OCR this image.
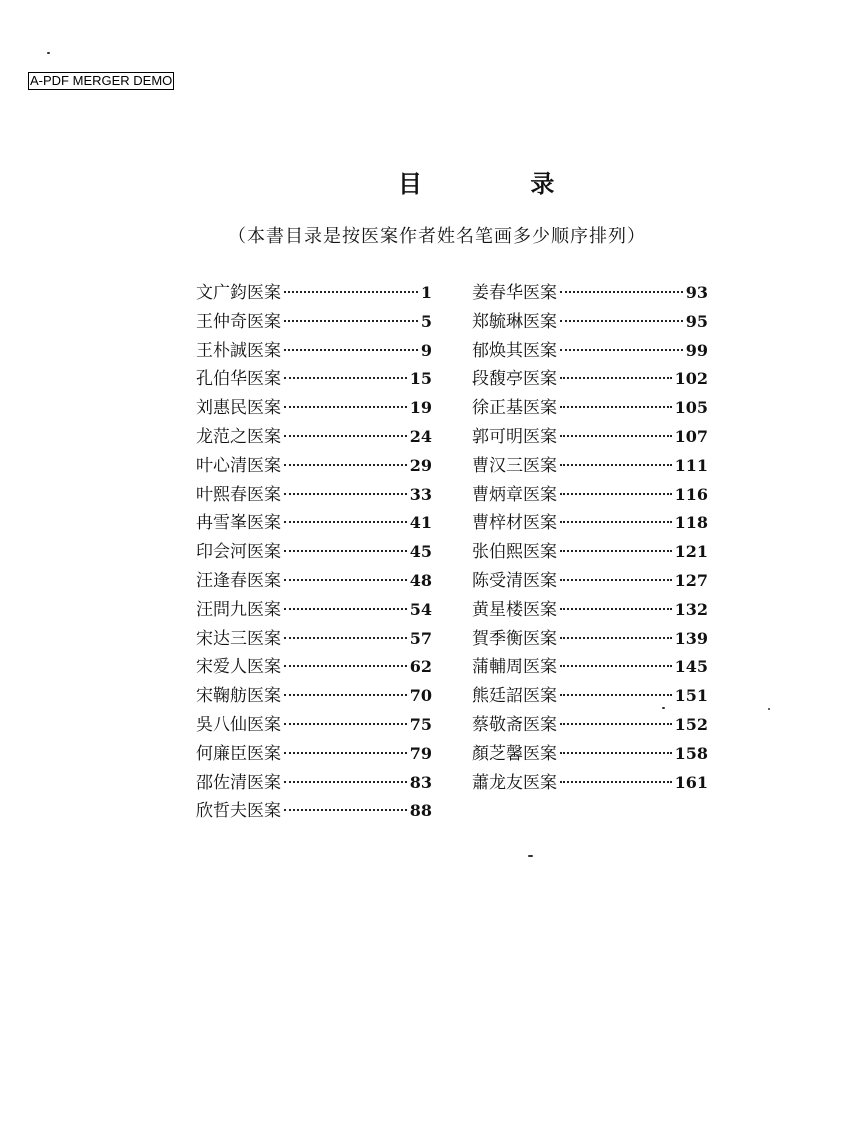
A-PDF MERGER DEMO
目 录
（本書目录是按医案作者姓名笔画多少顺序排列）
文广鈞医案	1
王仲奇医案	5
王朴誠医案	9
孔伯华医案	15
刘惠民医案	19
龙范之医案	24
叶心清医案	29
叶熙春医案	33
冉雪峯医案	41
印会河医案	45
汪逢春医案	48
汪問九医案	54
宋达三医案	57
宋爱人医案	62
宋鞠舫医案	70
吳八仙医案	75
何廉臣医案	79
邵佐清医案	83
欣哲夫医案	88
姜春华医案	93
郑毓琳医案	95
郁焕其医案	99
段馥亭医案	102
徐正基医案	105
郭可明医案	107
曹汉三医案	111
曹炳章医案	116
曹梓材医案	118
张伯熙医案	121
陈受清医案	127
黄星楼医案	132
賀季衡医案	139
蒲輔周医案	145
熊廷詔医案	151
蔡敬斋医案	152
顏芝馨医案	158
蕭龙友医案	161
